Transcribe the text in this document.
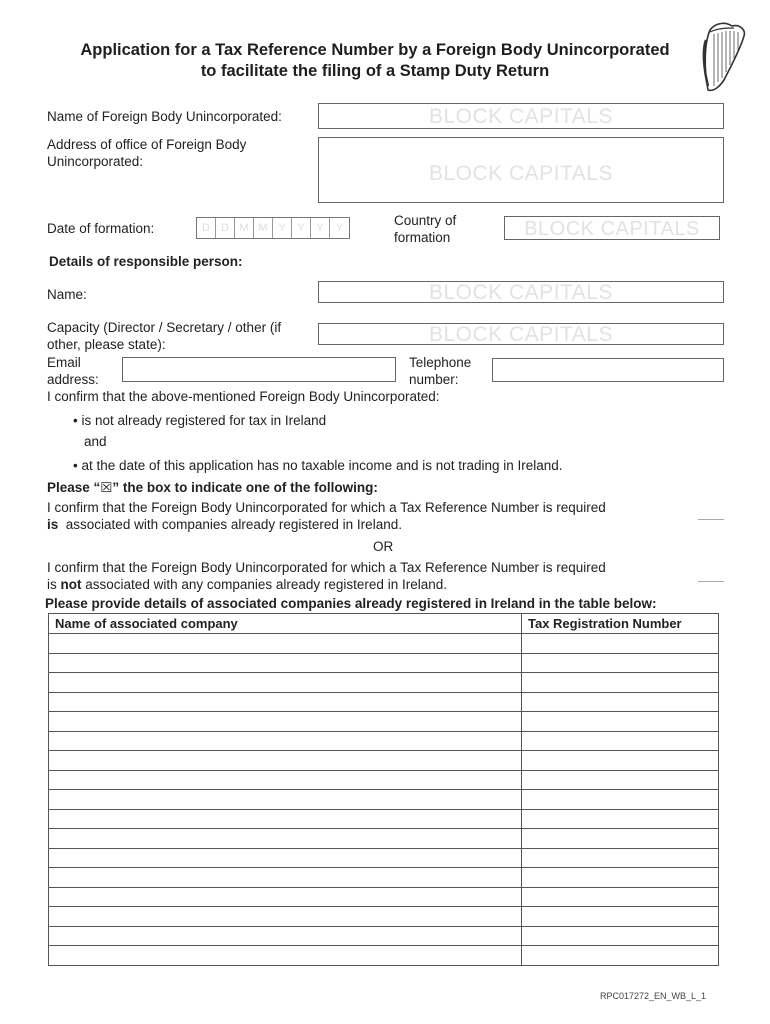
Application for a Tax Reference Number by a Foreign Body Unincorporated
to facilitate the filing of a Stamp Duty Return
Name of Foreign Body Unincorporated:	BLOCK CAPITALS
Address of office of Foreign Body Unincorporated:
BLOCK CAPITALS
Date of formation:	D	D M M Y	Y	Y	Y	Country of formation	BLOCK CAPITALS
Details of responsible person:
Name:	BLOCK CAPITALS
Capacity (Director / Secretary / other (if other, please state):	BLOCK CAPITALS
Email address:
Telephone number:
I confirm that the above-mentioned Foreign Body Unincorporated:
• is not already registered for tax in Ireland
and
• at the date of this application has no taxable income and is not trading in Ireland.
Please “☒” the box to indicate one of the following:
I confirm that the Foreign Body Unincorporated for which a Tax Reference Number is required
is associated with companies already registered in Ireland.
OR
I confirm that the Foreign Body Unincorporated for which a Tax Reference Number is required
is not associated with any companies already registered in Ireland.
Please provide details of associated companies already registered in Ireland in the table below:
Name of associated company	Tax Registration Number

RPC017272_EN_WB_L_1
